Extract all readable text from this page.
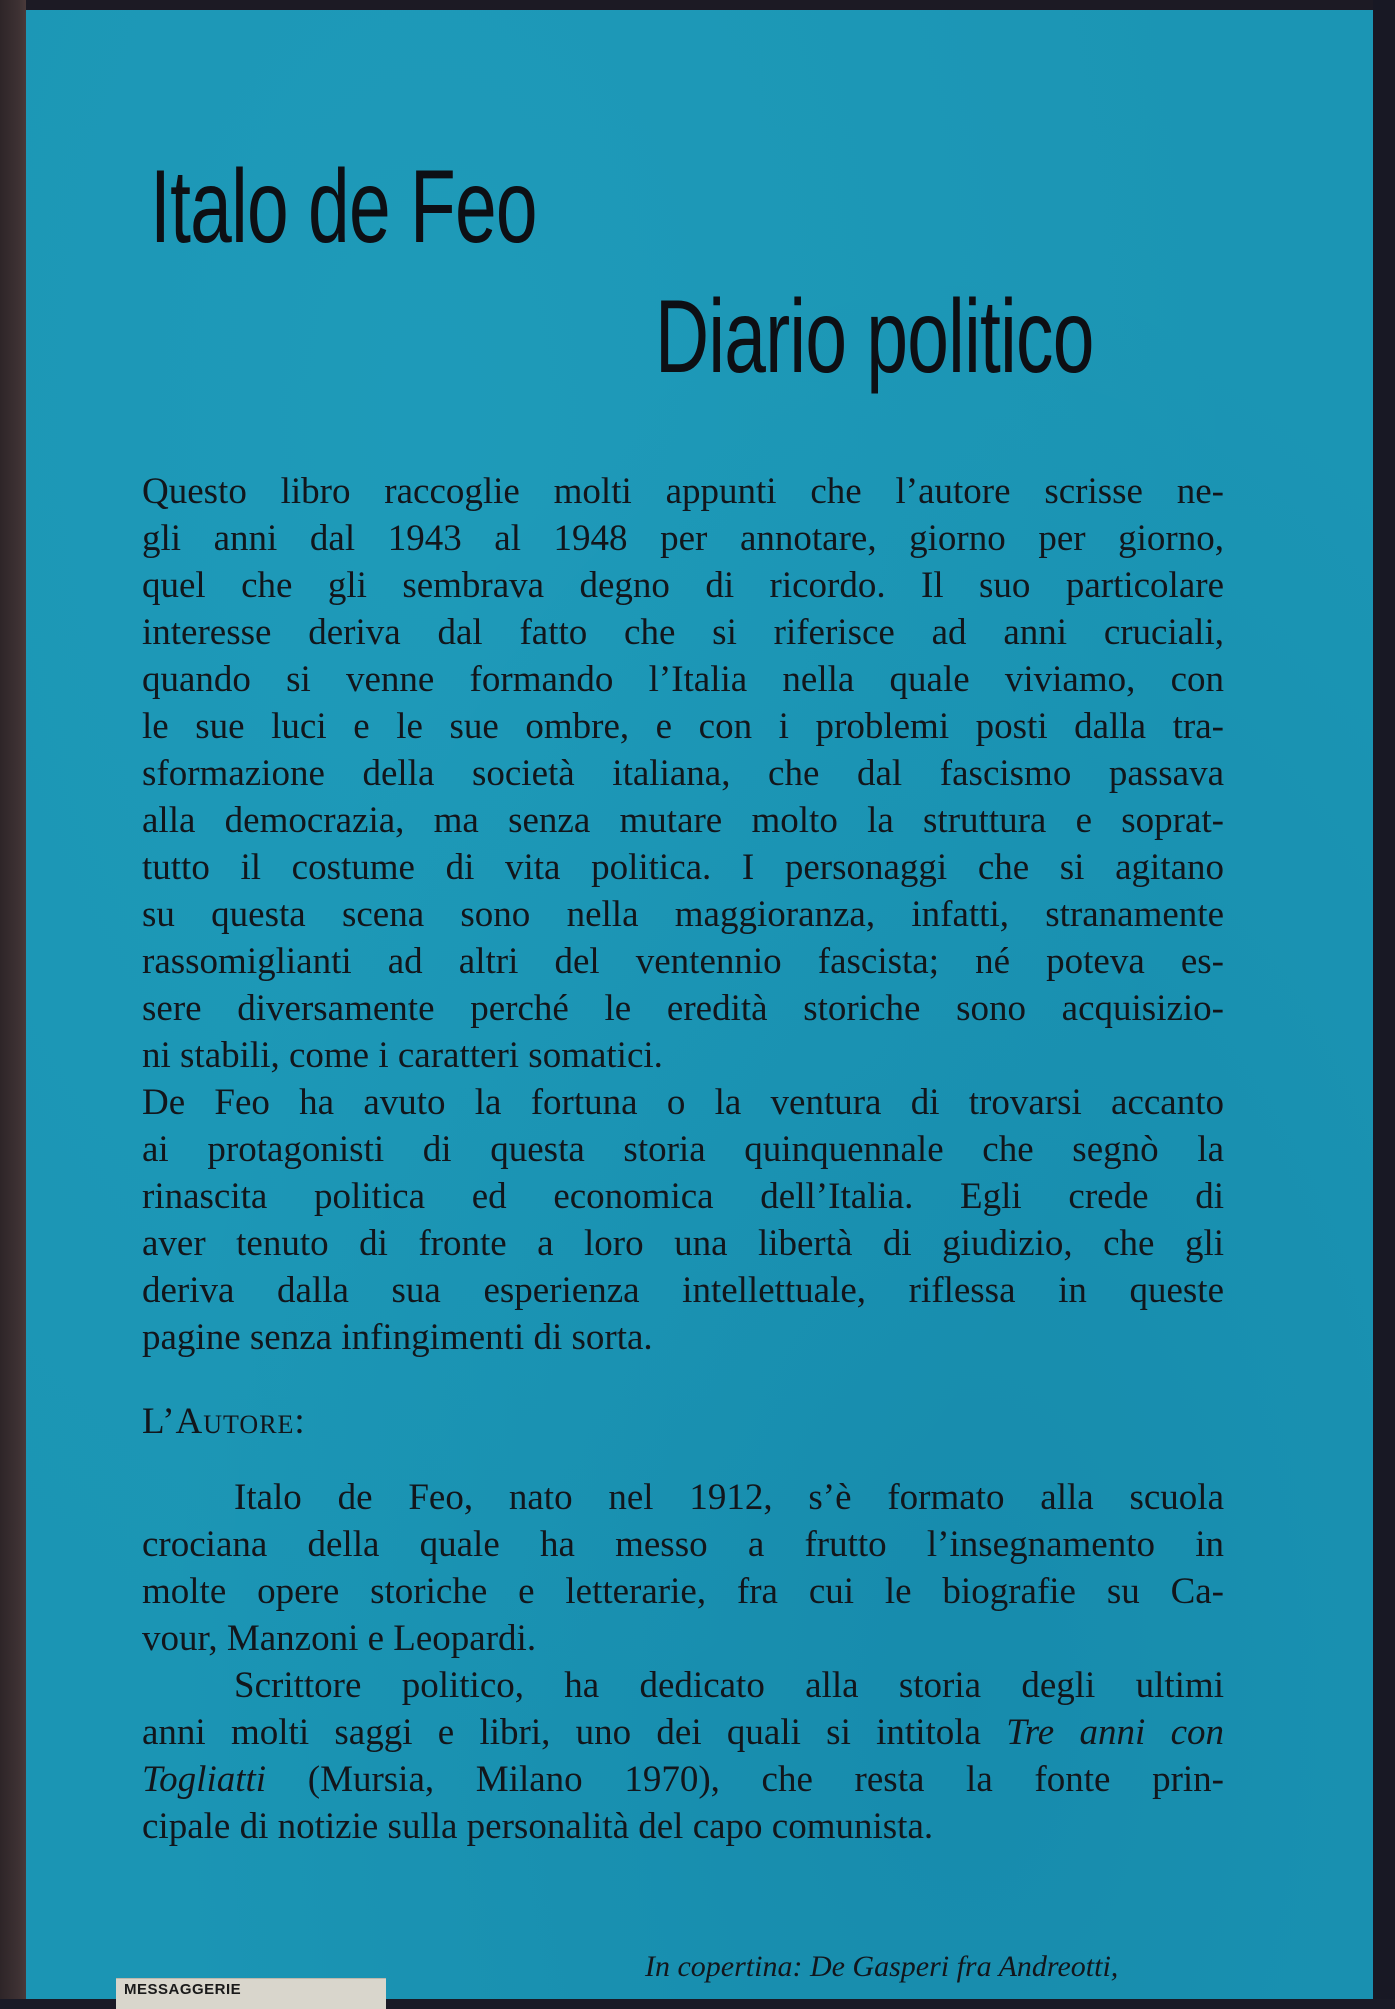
Italo de Feo
Diario politico
Questo libro raccoglie molti appunti che l’autore scrisse ne-
gli anni dal 1943 al 1948 per annotare, giorno per giorno,
quel che gli sembrava degno di ricordo. Il suo particolare
interesse deriva dal fatto che si riferisce ad anni cruciali,
quando si venne formando l’Italia nella quale viviamo, con
le sue luci e le sue ombre, e con i problemi posti dalla tra-
sformazione della società italiana, che dal fascismo passava
alla democrazia, ma senza mutare molto la struttura e soprat-
tutto il costume di vita politica. I personaggi che si agitano
su questa scena sono nella maggioranza, infatti, stranamente
rassomiglianti ad altri del ventennio fascista; né poteva es-
sere diversamente perché le eredità storiche sono acquisizio-
ni stabili, come i caratteri somatici.
De Feo ha avuto la fortuna o la ventura di trovarsi accanto
ai protagonisti di questa storia quinquennale che segnò la
rinascita politica ed economica dell’Italia. Egli crede di
aver tenuto di fronte a loro una libertà di giudizio, che gli
deriva dalla sua esperienza intellettuale, riflessa in queste
pagine senza infingimenti di sorta.
L’Autore:
Italo de Feo, nato nel 1912, s’è formato alla scuola
crociana della quale ha messo a frutto l’insegnamento in
molte opere storiche e letterarie, fra cui le biografie su Ca-
vour, Manzoni e Leopardi.
Scrittore politico, ha dedicato alla storia degli ultimi
anni molti saggi e libri, uno dei quali si intitola Tre anni con
Togliatti (Mursia, Milano 1970), che resta la fonte prin-
cipale di notizie sulla personalità del capo comunista.
In copertina: De Gasperi fra Andreotti,
MESSAGGERIE
